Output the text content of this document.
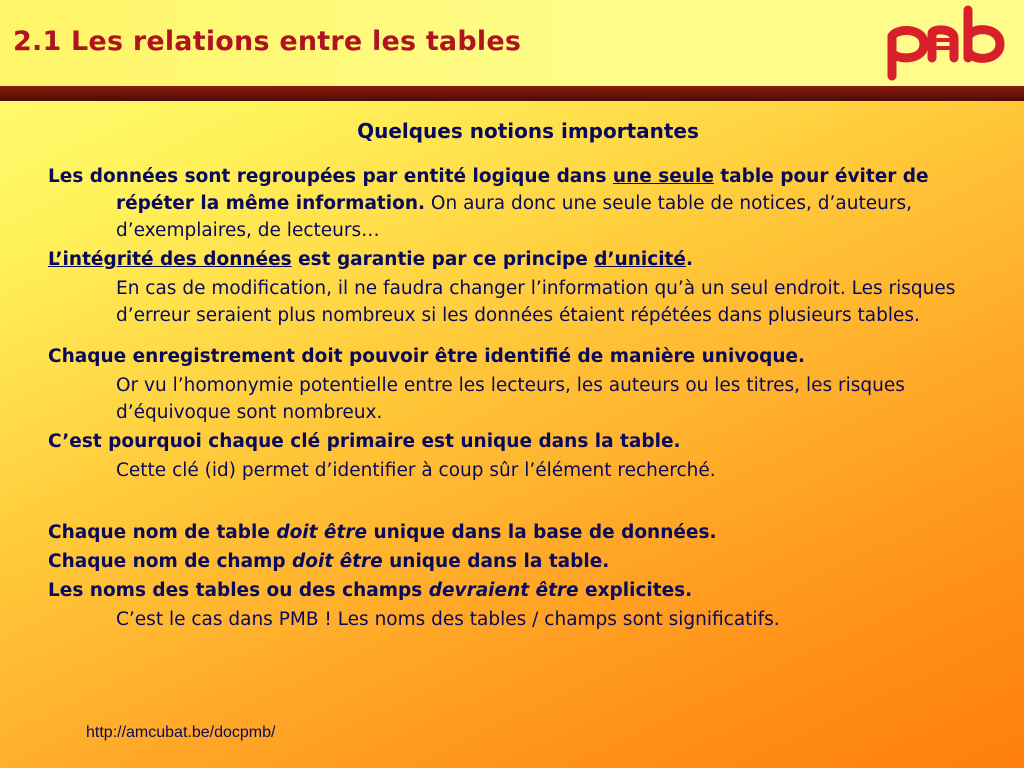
2.1 Les relations entre les tables
Quelques notions importantes
Les données sont regroupées par entité logique dans une seule table pour éviter de répéter la même information. On aura donc une seule table de notices, d’auteurs, d’exemplaires, de lecteurs…
L’intégrité des données est garantie par ce principe d’unicité.
En cas de modification, il ne faudra changer l’information qu’à un seul endroit. Les risques d’erreur seraient plus nombreux si les données étaient répétées dans plusieurs tables.
Chaque enregistrement doit pouvoir être identifié de manière univoque.
Or vu l’homonymie potentielle entre les lecteurs, les auteurs ou les titres, les risques d’équivoque sont nombreux.
C’est pourquoi chaque clé primaire est unique dans la table.
Cette clé (id) permet d’identifier à coup sûr l’élément recherché.
Chaque nom de table doit être unique dans la base de données.
Chaque nom de champ doit être unique dans la table.
Les noms des tables ou des champs devraient être explicites.
C’est le cas dans PMB ! Les noms des tables / champs sont significatifs.
http://amcubat.be/docpmb/
